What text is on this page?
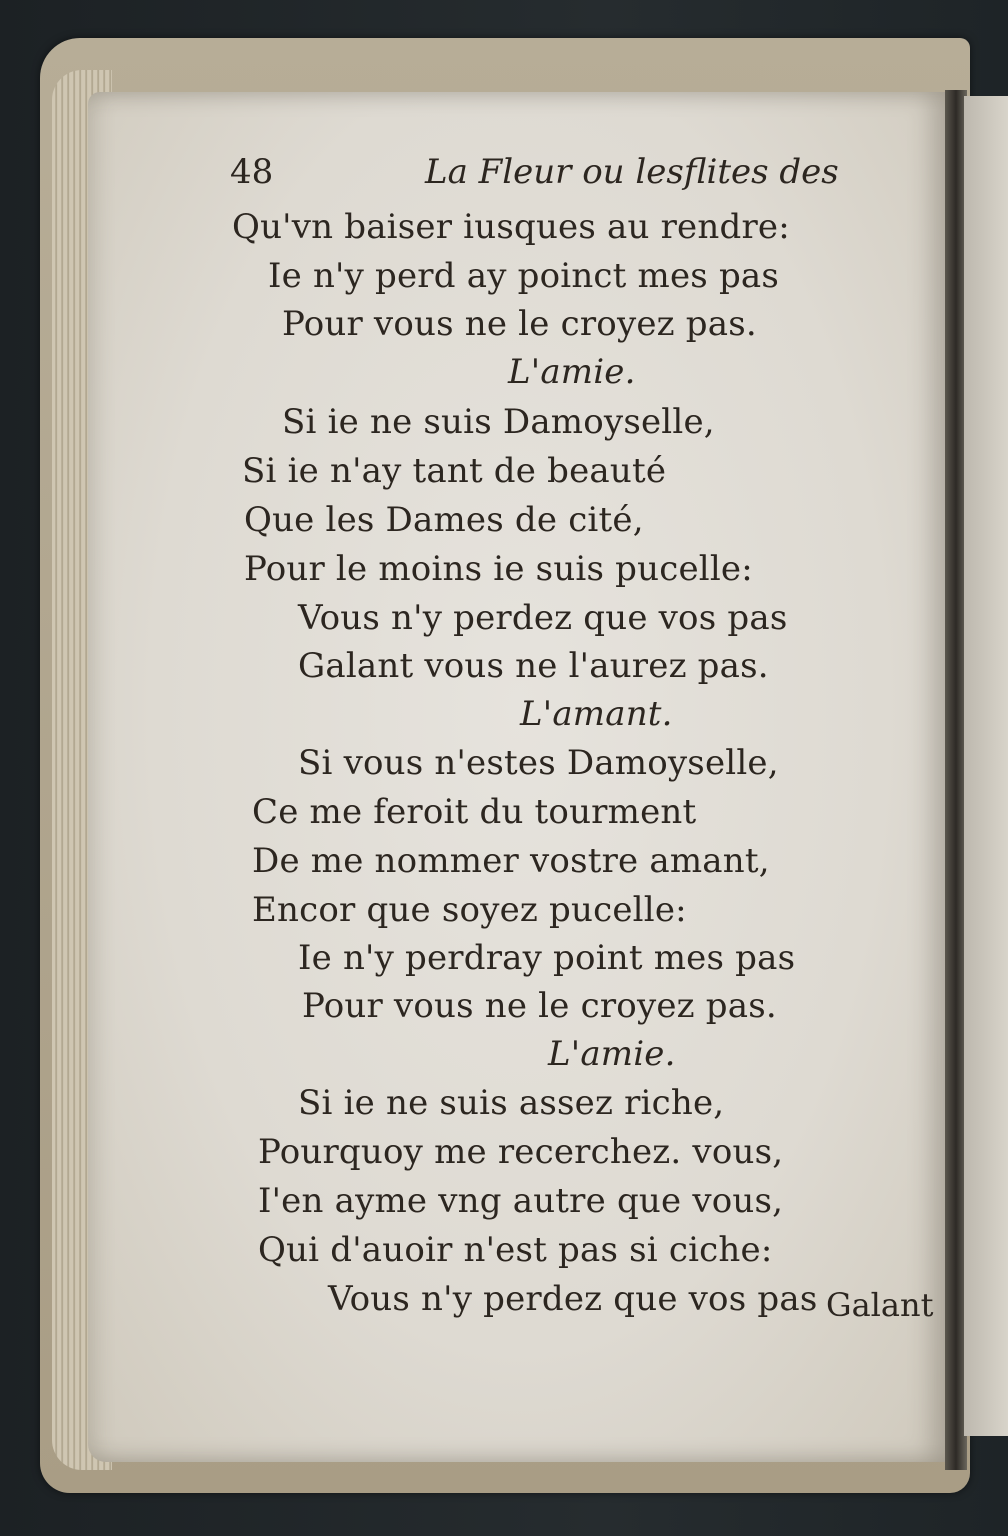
48	La Fleur ou lesflites des
Qu'vn baiser iusques au rendre:
Ie n'y perd ay poinct mes pas
Pour vous ne le croyez pas.
L'amie.
Si ie ne suis Damoyselle,
Si ie n'ay tant de beauté
Que les Dames de cité,
Pour le moins ie suis pucelle:
Vous n'y perdez que vos pas
Galant vous ne l'aurez pas.
L'amant.
Si vous n'estes Damoyselle,
Ce me feroit du tourment
De me nommer vostre amant,
Encor que soyez pucelle:
Ie n'y perdray point mes pas
Pour vous ne le croyez pas.
L'amie.
Si ie ne suis assez riche,
Pourquoy me recerchez. vous,
I'en ayme vng autre que vous,
Qui d'auoir n'est pas si ciche:
Vous n'y perdez que vos pas Galant
